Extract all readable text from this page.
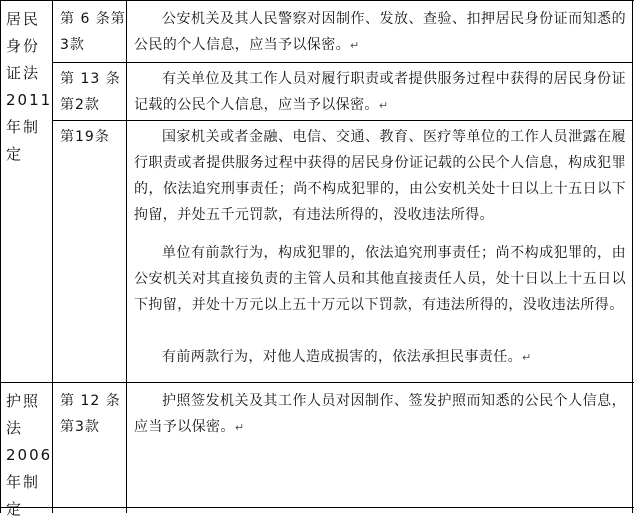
居民身份证法2011年制定
第 6 条第3款
公安机关及其人民警察对因制作、发放、查验、扣押居民身份证而知悉的公民的个人信息，应当予以保密。↵
第 13 条第2款
有关单位及其工作人员对履行职责或者提供服务过程中获得的居民身份证记载的公民个人信息，应当予以保密。↵
第19条	国家机关或者金融、电信、交通、教育、医疗等单位的工作人员泄露在履行职责或者提供服务过程中获得的居民身份证记载的公民个人信息，构成犯罪的，依法追究刑事责任；尚不构成犯罪的，由公安机关处十日以上十五日以下拘留，并处五千元罚款，有违法所得的，没收违法所得。
单位有前款行为，构成犯罪的，依法追究刑事责任；尚不构成犯罪的，由公安机关对其直接负责的主管人员和其他直接责任人员，处十日以上十五日以下拘留，并处十万元以上五十万元以下罚款，有违法所得的，没收违法所得。
有前两款行为，对他人造成损害的，依法承担民事责任。↵
护照法2006年制定
第 12 条第3款
护照签发机关及其工作人员对因制作、签发护照而知悉的公民个人信息，应当予以保密。↵
